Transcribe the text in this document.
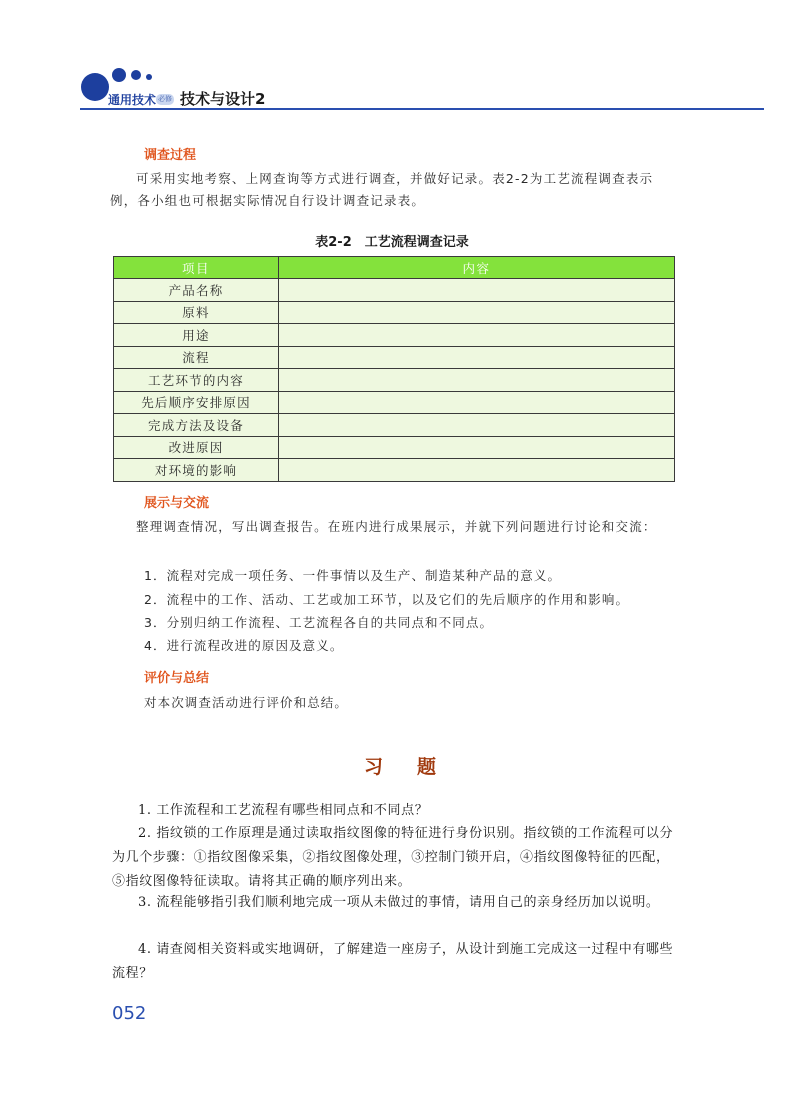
通用技术 必修 技术与设计2
调查过程
可采用实地考察、上网查询等方式进行调查，并做好记录。表2-2为工艺流程调查表示例，各小组也可根据实际情况自行设计调查记录表。
表2-2　工艺流程调查记录
项目	内容
产品名称	
原料	
用途	
流程	
工艺环节的内容	
先后顺序安排原因	
完成方法及设备	
改进原因	
对环境的影响	
展示与交流
整理调查情况，写出调查报告。在班内进行成果展示，并就下列问题进行讨论和交流：
1．流程对完成一项任务、一件事情以及生产、制造某种产品的意义。
2．流程中的工作、活动、工艺或加工环节，以及它们的先后顺序的作用和影响。
3．分别归纳工作流程、工艺流程各自的共同点和不同点。
4．进行流程改进的原因及意义。
评价与总结
对本次调查活动进行评价和总结。
习题
1. 工作流程和工艺流程有哪些相同点和不同点？
2. 指纹锁的工作原理是通过读取指纹图像的特征进行身份识别。指纹锁的工作流程可以分为几个步骤：①指纹图像采集，②指纹图像处理，③控制门锁开启，④指纹图像特征的匹配，⑤指纹图像特征读取。请将其正确的顺序列出来。
3. 流程能够指引我们顺利地完成一项从未做过的事情，请用自己的亲身经历加以说明。
4. 请查阅相关资料或实地调研，了解建造一座房子，从设计到施工完成这一过程中有哪些流程？
052
